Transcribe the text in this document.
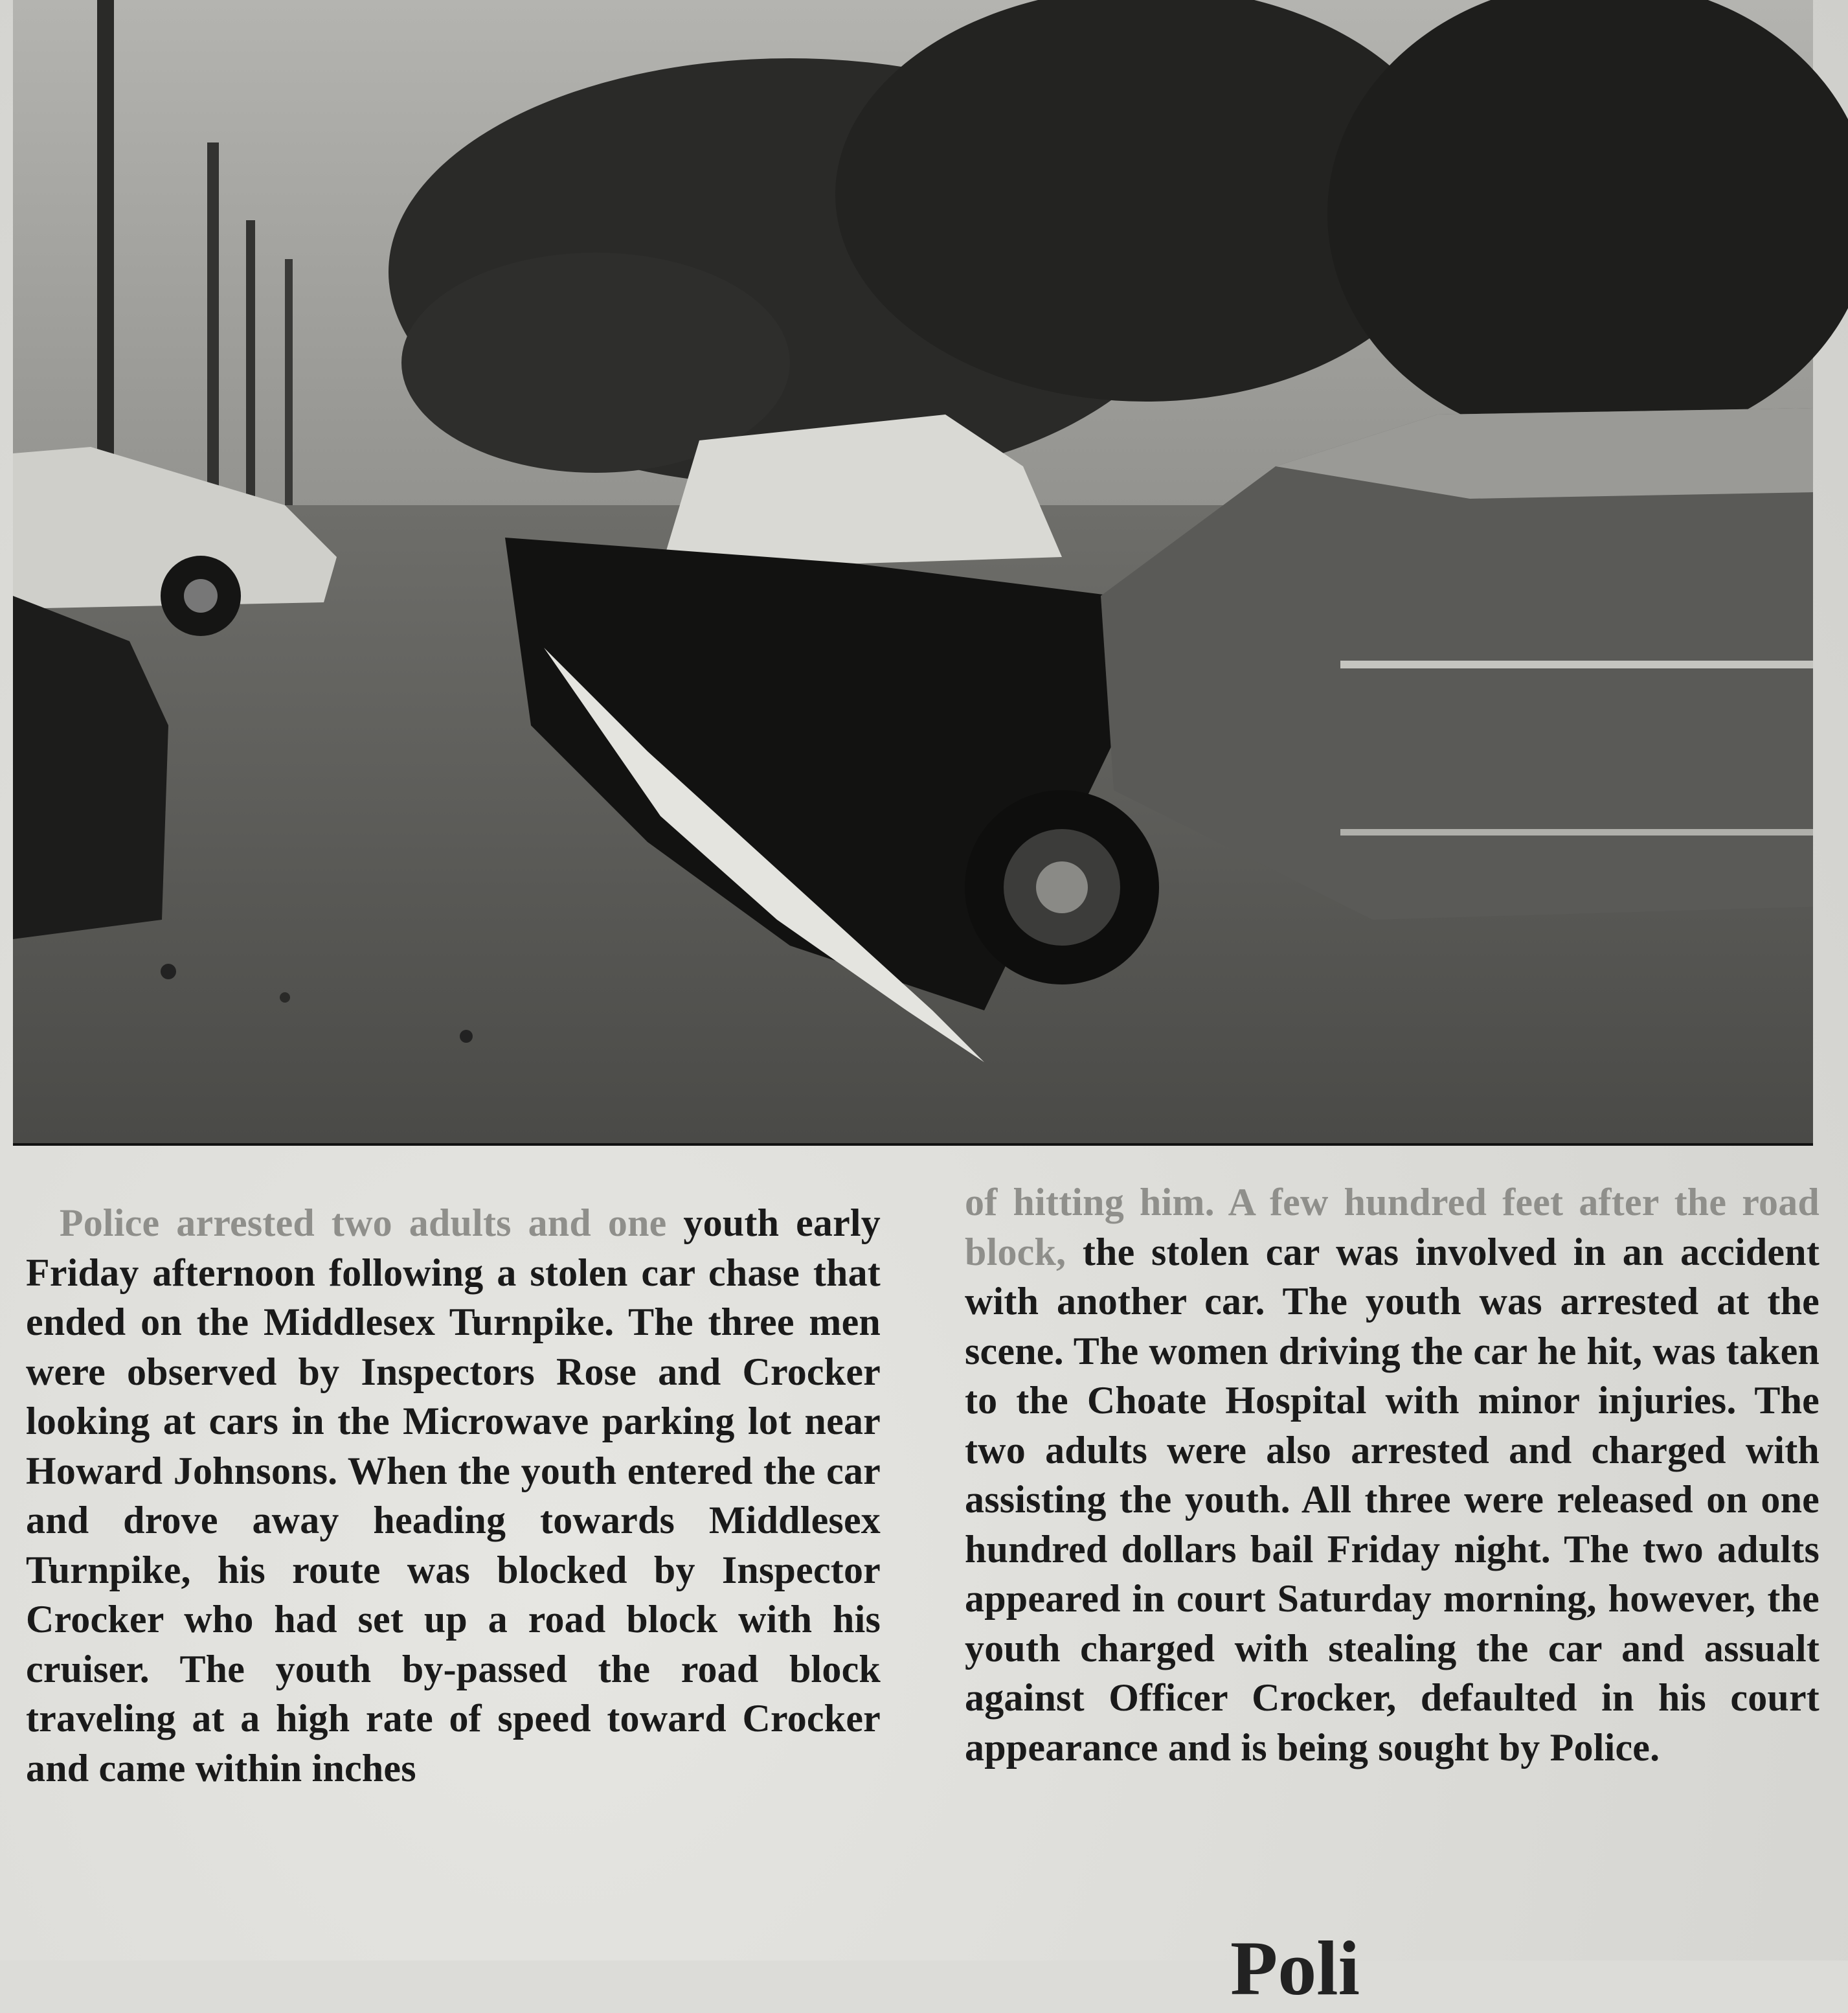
Police arrested two adults and one youth early Friday afternoon following a stolen car chase that ended on the Middlesex Turnpike. The three men were observed by Inspectors Rose and Crocker looking at cars in the Microwave parking lot near Howard Johnsons. When the youth entered the car and drove away heading towards Middlesex Turnpike, his route was blocked by Inspector Crocker who had set up a road block with his cruiser. The youth by-passed the road block traveling at a high rate of speed toward Crocker and came within inches

of hitting him. A few hundred feet after the road block, the stolen car was involved in an accident with another car. The youth was arrested at the scene. The women driving the car he hit, was taken to the Choate Hospital with minor injuries. The two adults were also arrested and charged with assisting the youth. All three were released on one hundred dollars bail Friday night. The two adults appeared in court Saturday morning, however, the youth charged with stealing the car and assualt against Officer Crocker, defaulted in his court appearance and is being sought by Police.

Poli
